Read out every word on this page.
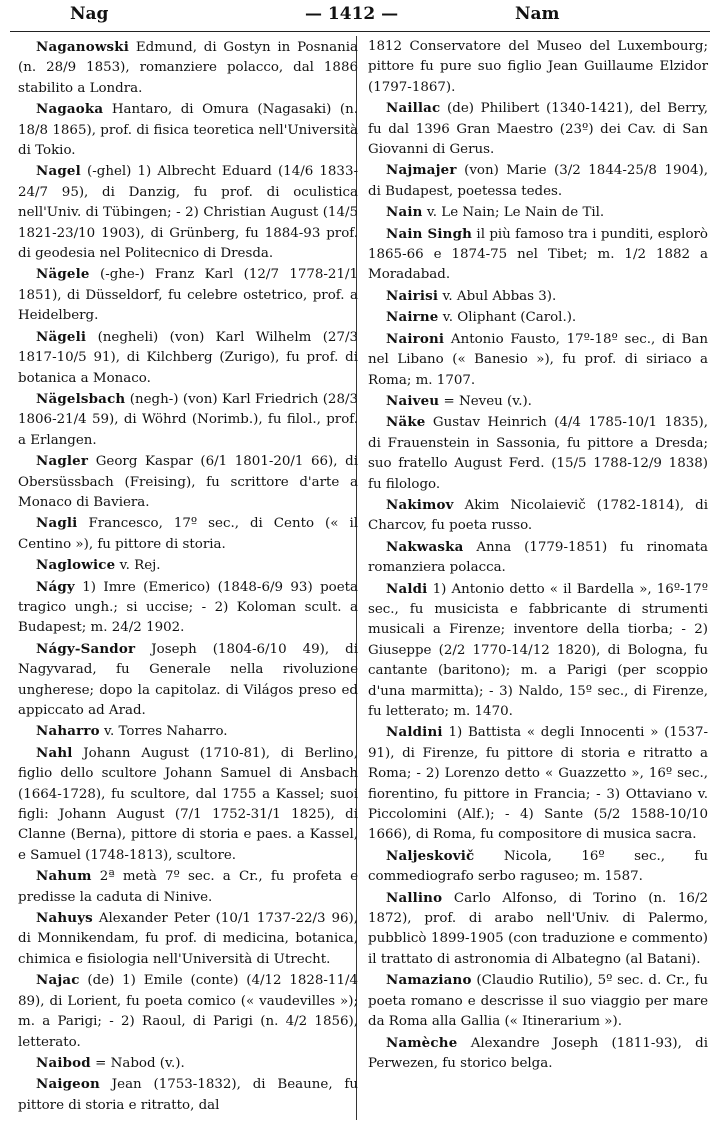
Nag	— 1412 —	Nam

Naganowski Edmund, di Gostyn in Posnania (n. 28/9 1853), romanziere polacco, dal 1886 stabilito a Londra.

Nagaoka Hantaro, di Omura (Nagasaki) (n. 18/8 1865), prof. di fisica teoretica nell'Università di Tokio.

Nagel (-ghel) 1) Albrecht Eduard (14/6 1833-24/7 95), di Danzig, fu prof. di oculistica nell'Univ. di Tübingen; - 2) Christian August (14/5 1821-23/10 1903), di Grünberg, fu 1884-93 prof. di geodesia nel Politecnico di Dresda.

Nägele (-ghe-) Franz Karl (12/7 1778-21/1 1851), di Düsseldorf, fu celebre ostetrico, prof. a Heidelberg.

Nägeli (negheli) (von) Karl Wilhelm (27/3 1817-10/5 91), di Kilchberg (Zurigo), fu prof. di botanica a Monaco.

Nägelsbach (negh-) (von) Karl Friedrich (28/3 1806-21/4 59), di Wöhrd (Norimb.), fu filol., prof. a Erlangen.

Nagler Georg Kaspar (6/1 1801-20/1 66), di Obersüssbach (Freising), fu scrittore d'arte a Monaco di Baviera.

Nagli Francesco, 17º sec., di Cento (« il Centino »), fu pittore di storia.

Naglowice v. Rej.

Nágy 1) Imre (Emerico) (1848-6/9 93) poeta tragico ungh.; si uccise; - 2) Koloman scult. a Budapest; m. 24/2 1902.

Nágy-Sandor Joseph (1804-6/10 49), di Nagyvarad, fu Generale nella rivoluzione ungherese; dopo la capitolaz. di Világos preso ed appiccato ad Arad.

Naharro v. Torres Naharro.

Nahl Johann August (1710-81), di Berlino, figlio dello scultore Johann Samuel di Ansbach (1664-1728), fu scultore, dal 1755 a Kassel; suoi figli: Johann August (7/1 1752-31/1 1825), di Clanne (Berna), pittore di storia e paes. a Kassel, e Samuel (1748-1813), scultore.

Nahum 2ª metà 7º sec. a Cr., fu profeta e predisse la caduta di Ninive.

Nahuys Alexander Peter (10/1 1737-22/3 96), di Monnikendam, fu prof. di medicina, botanica, chimica e fisiologia nell'Università di Utrecht.

Najac (de) 1) Emile (conte) (4/12 1828-11/4 89), di Lorient, fu poeta comico (« vaudevilles »); m. a Parigi; - 2) Raoul, di Parigi (n. 4/2 1856), letterato.

Naibod = Nabod (v.).

Naigeon Jean (1753-1832), di Beaune, fu pittore di storia e ritratto, dal

1812 Conservatore del Museo del Luxembourg; pittore fu pure suo figlio Jean Guillaume Elzidor (1797-1867).

Naillac (de) Philibert (1340-1421), del Berry, fu dal 1396 Gran Maestro (23º) dei Cav. di San Giovanni di Gerus.

Najmajer (von) Marie (3/2 1844-25/8 1904), di Budapest, poetessa tedes.

Nain v. Le Nain; Le Nain de Til.

Nain Singh il più famoso tra i punditi, esplorò 1865-66 e 1874-75 nel Tibet; m. 1/2 1882 a Moradabad.

Nairisi v. Abul Abbas 3).

Nairne v. Oliphant (Carol.).

Naironi Antonio Fausto, 17º-18º sec., di Ban nel Libano (« Banesio »), fu prof. di siriaco a Roma; m. 1707.

Naiveu = Neveu (v.).

Näke Gustav Heinrich (4/4 1785-10/1 1835), di Frauenstein in Sassonia, fu pittore a Dresda; suo fratello August Ferd. (15/5 1788-12/9 1838) fu filologo.

Nakimov Akim Nicolaievič (1782-1814), di Charcov, fu poeta russo.

Nakwaska Anna (1779-1851) fu rinomata romanziera polacca.

Naldi 1) Antonio detto « il Bardella », 16º-17º sec., fu musicista e fabbricante di strumenti musicali a Firenze; inventore della tiorba; - 2) Giuseppe (2/2 1770-14/12 1820), di Bologna, fu cantante (baritono); m. a Parigi (per scoppio d'una marmitta); - 3) Naldo, 15º sec., di Firenze, fu letterato; m. 1470.

Naldini 1) Battista « degli Innocenti » (1537-91), di Firenze, fu pittore di storia e ritratto a Roma; - 2) Lorenzo detto « Guazzetto », 16º sec., fiorentino, fu pittore in Francia; - 3) Ottaviano v. Piccolomini (Alf.); - 4) Sante (5/2 1588-10/10 1666), di Roma, fu compositore di musica sacra.

Naljeskovič Nicola, 16º sec., fu commediografo serbo raguseo; m. 1587.

Nallino Carlo Alfonso, di Torino (n. 16/2 1872), prof. di arabo nell'Univ. di Palermo, pubblicò 1899-1905 (con traduzione e commento) il trattato di astronomia di Albategno (al Batani).

Namaziano (Claudio Rutilio), 5º sec. d. Cr., fu poeta romano e descrisse il suo viaggio per mare da Roma alla Gallia (« Itinerarium »).

Namèche Alexandre Joseph (1811-93), di Perwezen, fu storico belga.
